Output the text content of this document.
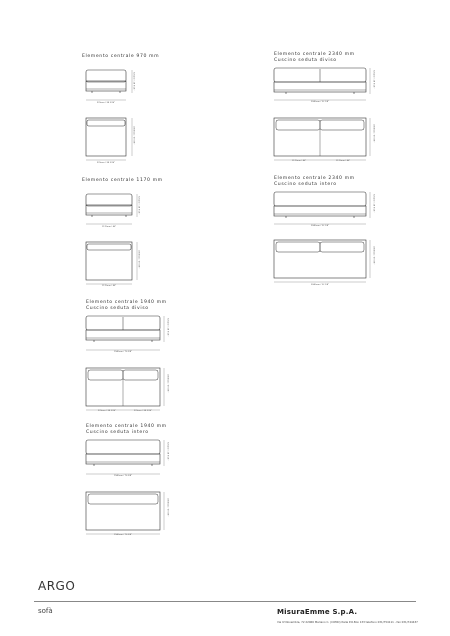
Elemento centrale 970 mm
970mm / 38 3/16"
725mm / 28 9/16"
970mm / 38 3/16"
1000mm / 39 3/8"
Elemento centrale 1170 mm
1170mm / 46"
725mm / 28 9/16"
1170mm / 46"
1000mm / 39 3/8"
Elemento centrale 1940 mm
Cuscino seduta diviso
1940mm / 76 3/8"
725mm / 28 9/16"
970mm / 38 3/16"	970mm / 38 3/16"
1000mm / 39 3/8"
Elemento centrale 1940 mm
Cuscino seduta intero
1940mm / 76 3/8"
725mm / 28 9/16"
1940mm / 76 3/8"
1000mm / 39 3/8"
Elemento centrale 2340 mm
Cuscino seduta diviso
2340mm / 92 1/8"
725mm / 28 9/16"
1170mm / 46"	1170mm / 46"
1000mm / 39 3/8"
Elemento centrale 2340 mm
Cuscino seduta intero
2340mm / 92 1/8"
725mm / 28 9/16"
2340mm / 92 1/8"
1000mm / 39 3/8"
ARGO
sofà	MisuraEmme S.p.A.
Via IV Novembre, 72 22066 Mariano C. (COMO) Italia P.O.Box 133 telefono 031/754111 - fax 031/744437
